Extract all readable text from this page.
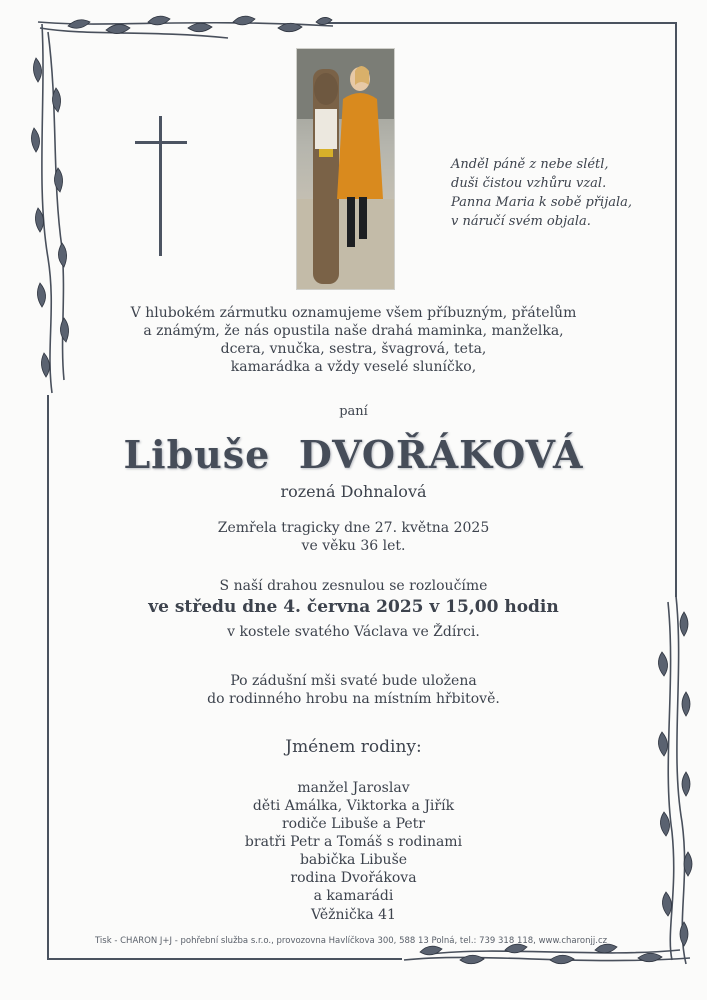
Anděl páně z nebe slétl,
duši čistou vzhůru vzal.
Panna Maria k sobě přijala,
v náručí svém objala.
V hlubokém zármutku oznamujeme všem příbuzným, přátelům
a známým, že nás opustila naše drahá maminka, manželka,
dcera, vnučka, sestra, švagrová, teta,
kamarádka a vždy veselé sluníčko,
paní
Libuše  DVOŘÁKOVÁ
rozená Dohnalová
Zemřela tragicky dne 27. května 2025
ve věku 36 let.
S naší drahou zesnulou se rozloučíme
ve středu dne 4. června 2025 v 15,00 hodin
v kostele svatého Václava ve Ždírci.
Po zádušní mši svaté bude uložena
do rodinného hrobu na místním hřbitově.
Jménem rodiny:
manžel Jaroslav
děti Amálka, Viktorka a Jiřík
rodiče Libuše a Petr
bratři Petr a Tomáš s rodinami
babička Libuše
rodina Dvořákova
a kamarádi
Věžnička 41
Tisk - CHARON J+J - pohřební služba s.r.o., provozovna Havlíčkova 300, 588 13 Polná, tel.: 739 318 118, www.charonjj.cz
